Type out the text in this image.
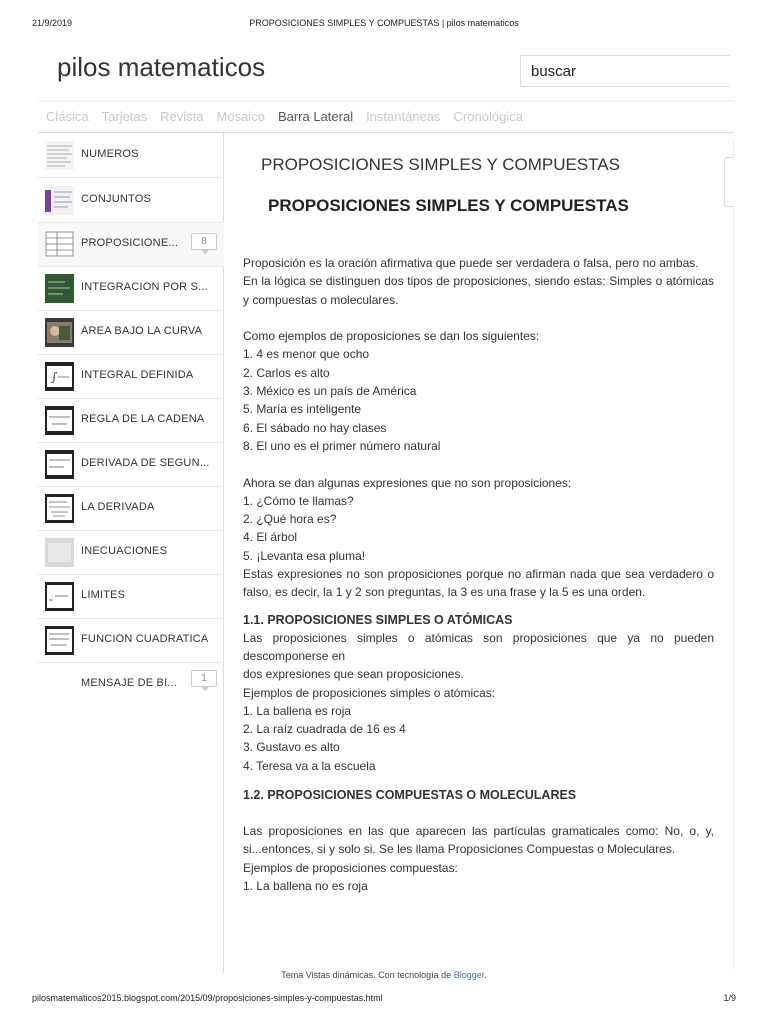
21/9/2019	PROPOSICIONES SIMPLES Y COMPUESTAS | pilos matematicos
pilos matematicos	buscar
Clásica Tarjetas Revista Mosaico Barra Lateral Instantáneas Cronológica
NUMEROS
CONJUNTOS
PROPOSICIONE...	8
INTEGRACIÓN POR S...
ÁREA BAJO LA CURVA
∫ INTEGRAL DEFINIDA
REGLA DE LA CADENA
DERIVADA DE SEGUN...
LA DERIVADA
INECUACIONES
LIMITES
FUNCIÓN CUADRATICA
MENSAJE DE BI...	1
PROPOSICIONES SIMPLES Y COMPUESTAS
PROPOSICIONES SIMPLES Y COMPUESTAS

Proposición es la oración afirmativa que puede ser verdadera o falsa, pero no ambas.

En la lógica se distinguen dos tipos de proposiciones, siendo estas: Simples o atómicas y compuestas o moleculares.

Como ejemplos de proposiciones se dan los siguientes:

1. 4 es menor que ocho

2. Carlos es alto

3. México es un país de América

5. María es inteligente

6. El sábado no hay clases

8. El uno es el primer número natural

Ahora se dan algunas expresiones que no son proposiciones:

1. ¿Cómo te llamas?

2. ¿Qué hora es?

4. El árbol

5. ¡Levanta esa pluma!

Estas expresiones no son proposiciones porque no afirman nada que sea verdadero o falso, es decir, la 1 y 2 son preguntas, la 3 es una frase y la 5 es una orden.

1.1. PROPOSICIONES SIMPLES O ATÓMICAS

Las proposiciones simples o atómicas son proposiciones que ya no pueden descomponerse en

dos expresiones que sean proposiciones.

Ejemplos de proposiciones simples o atómicas:

1. La ballena es roja

2. La raíz cuadrada de 16 es 4

3. Gustavo es alto

4. Teresa va a la escuela

1.2. PROPOSICIONES COMPUESTAS O MOLECULARES

Las proposiciones en las que aparecen las partículas gramaticales como: No, o, y, si...entonces, si y solo si. Se les llama Proposiciones Compuestas o Moleculares.

Ejemplos de proposiciones compuestas:

1. La ballena no es roja

Tema Vistas dinámicas. Con tecnología de Blogger.
pilosmatematicos2015.blogspot.com/2015/09/proposiciones-simples-y-compuestas.html	1/9
